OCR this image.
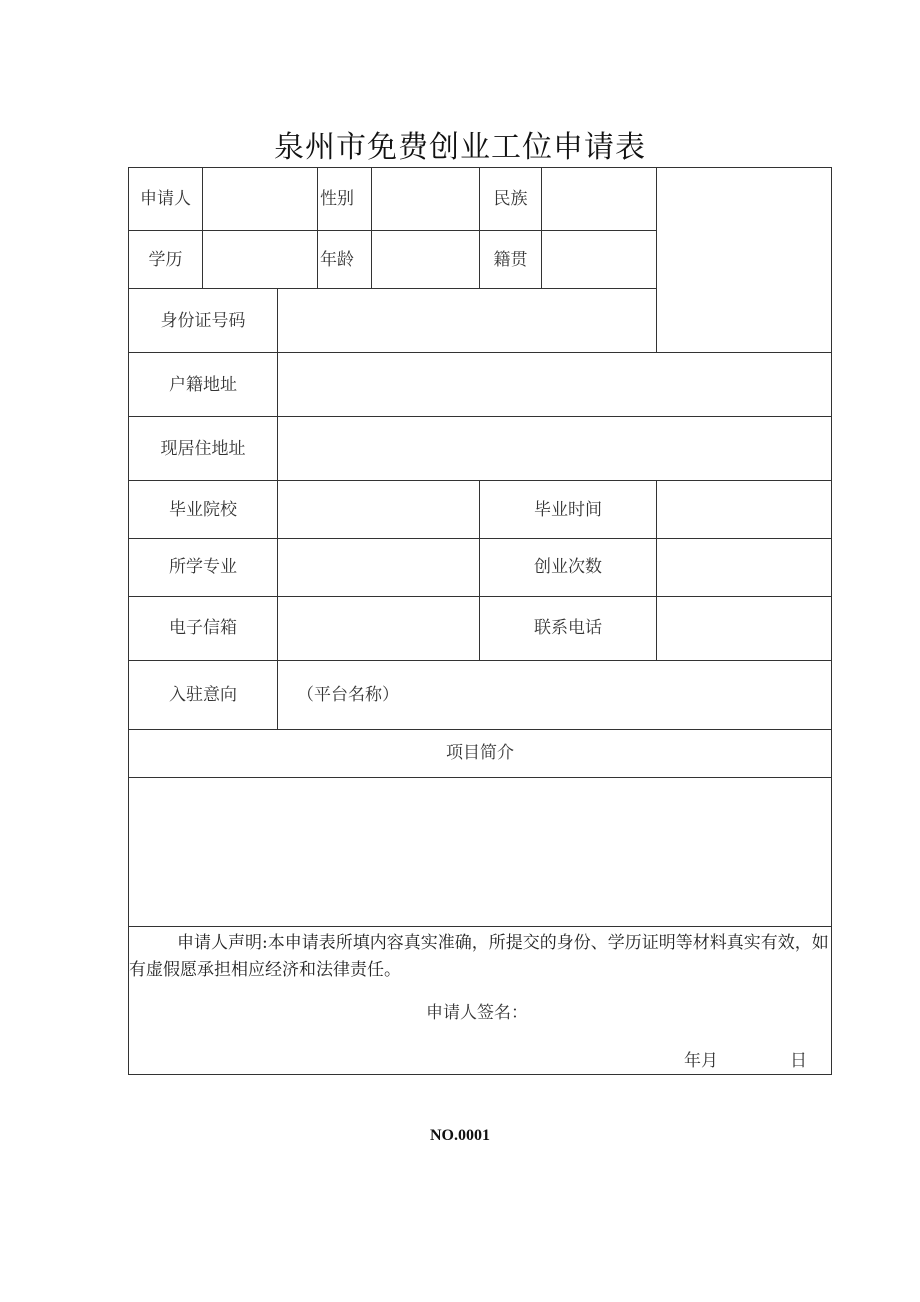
泉州市免费创业工位申请表
申请人	性别	民族
学历	年龄	籍贯
身份证号码
户籍地址
现居住地址
毕业院校	毕业时间
所学专业	创业次数
电子信箱	联系电话
入驻意向	（平台名称）
项目简介
申请人声明:本申请表所填内容真实准确，所提交的身份、学历证明等材料真实有效，如有虚假愿承担相应经济和法律责任。
申请人签名：
年月	日
NO.0001
